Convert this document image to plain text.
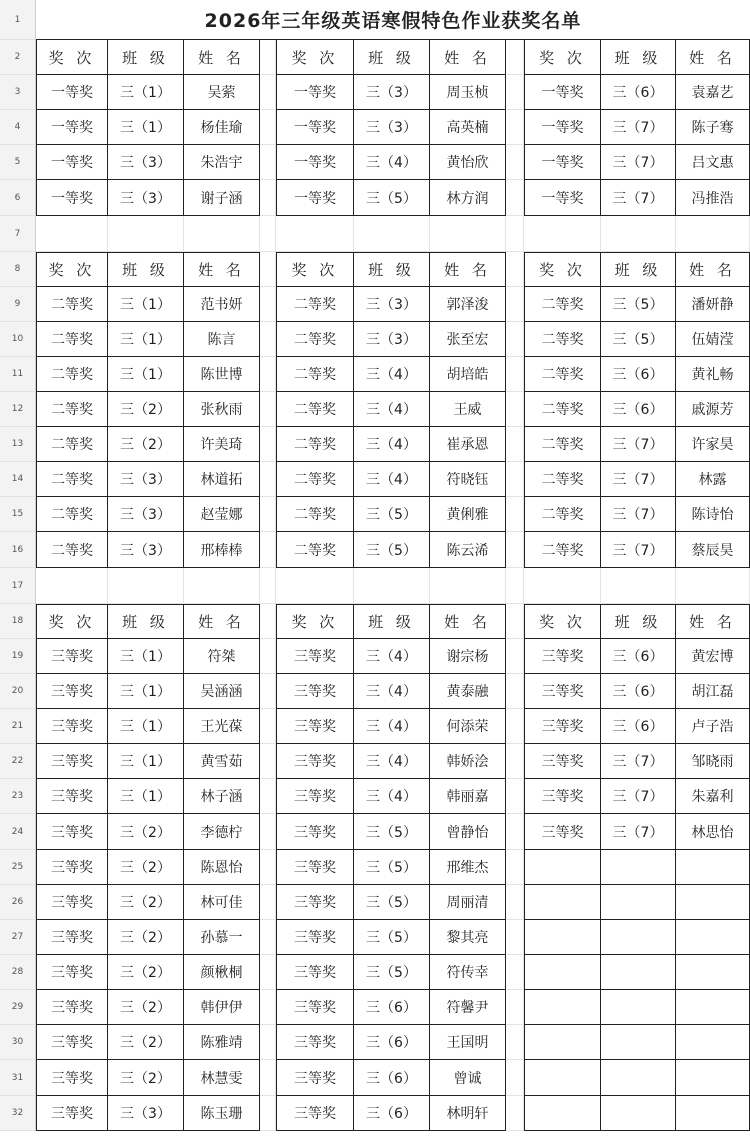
2026年三年级英语寒假特色作业获奖名单
1
2
3
4
5
6
7
8
9
10
11
12
13
14
15
16
17
18
19
20
21
22
23
24
25
26
27
28
29
30
31
32
奖 次	班 级	姓 名
一等奖	三（1）	吴萦
一等奖	三（1）	杨佳瑜
一等奖	三（3）	朱浩宇
一等奖	三（3）	谢子涵
奖 次	班 级	姓 名
一等奖	三（3）	周玉桢
一等奖	三（3）	高英楠
一等奖	三（4）	黄怡欣
一等奖	三（5）	林方润
奖 次	班 级	姓 名
一等奖	三（6）	袁嘉艺
一等奖	三（7）	陈子骞
一等奖	三（7）	吕文惠
一等奖	三（7）	冯推浩
奖 次	班 级	姓 名
二等奖	三（1）	范书妍
二等奖	三（1）	陈言
二等奖	三（1）	陈世博
二等奖	三（2）	张秋雨
二等奖	三（2）	许美琦
二等奖	三（3）	林道拓
二等奖	三（3）	赵莹娜
二等奖	三（3）	邢棒棒
奖 次	班 级	姓 名
二等奖	三（3）	郭泽浚
二等奖	三（3）	张至宏
二等奖	三（4）	胡培皓
二等奖	三（4）	王威
二等奖	三（4）	崔承恩
二等奖	三（4）	符晓钰
二等奖	三（5）	黄俐雅
二等奖	三（5）	陈云浠
奖 次	班 级	姓 名
二等奖	三（5）	潘妍静
二等奖	三（5）	伍婧滢
二等奖	三（6）	黄礼畅
二等奖	三（6）	戚源芳
二等奖	三（7）	许家昊
二等奖	三（7）	林露
二等奖	三（7）	陈诗怡
二等奖	三（7）	蔡辰昊
奖 次	班 级	姓 名
三等奖	三（1）	符桀
三等奖	三（1）	吴涵涵
三等奖	三（1）	王光葆
三等奖	三（1）	黄雪茹
三等奖	三（1）	林子涵
三等奖	三（2）	李德柠
三等奖	三（2）	陈恩怡
三等奖	三（2）	林可佳
三等奖	三（2）	孙慕一
三等奖	三（2）	颜楸桐
三等奖	三（2）	韩伊伊
三等奖	三（2）	陈雅靖
三等奖	三（2）	林慧雯
三等奖	三（3）	陈玉珊
奖 次	班 级	姓 名
三等奖	三（4）	谢宗杨
三等奖	三（4）	黄泰融
三等奖	三（4）	何添荣
三等奖	三（4）	韩娇浍
三等奖	三（4）	韩丽嘉
三等奖	三（5）	曾静怡
三等奖	三（5）	邢维杰
三等奖	三（5）	周丽清
三等奖	三（5）	黎其亮
三等奖	三（5）	符传幸
三等奖	三（6）	符馨尹
三等奖	三（6）	王国明
三等奖	三（6）	曾诚
三等奖	三（6）	林明轩
奖 次	班 级	姓 名
三等奖	三（6）	黄宏博
三等奖	三（6）	胡江磊
三等奖	三（6）	卢子浩
三等奖	三（7）	邹晓雨
三等奖	三（7）	朱嘉利
三等奖	三（7）	林思怡
